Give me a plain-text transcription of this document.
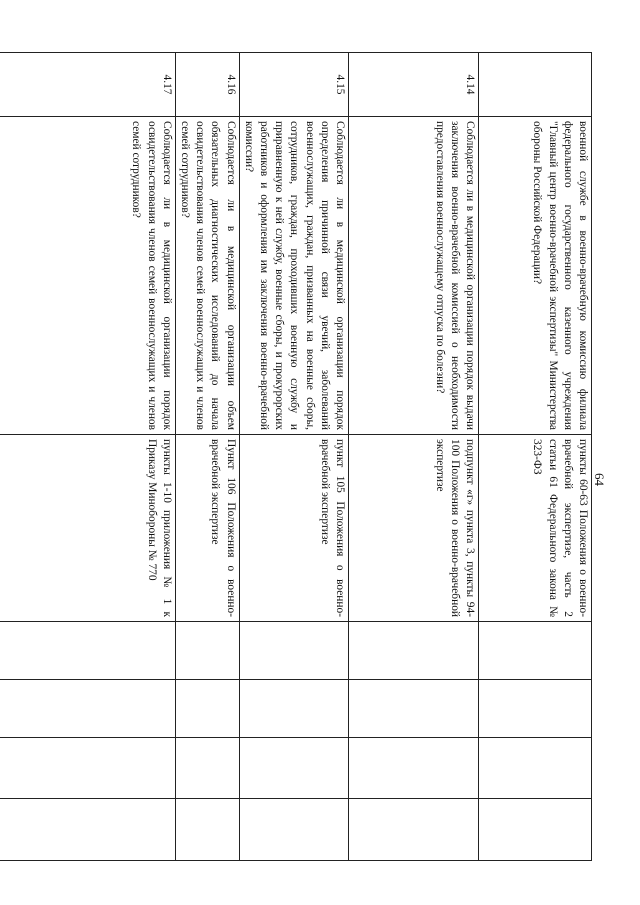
64
	военной службе в военно-врачебную комиссию филиала федерального государственного казенного учреждения "Главный центр военно-врачебной экспертизы" Министерства обороны Российской Федерации?	пункты 60-63 Положения о военно-врачебной экспертизе, часть 2 статьи 61 Федерального закона № 323-ФЗ				
4.14	Соблюдается ли в медицинской организации порядок выдачи заключения военно-врачебной комиссией о необходимости предоставления военнослужащему отпуска по болезни?	подпункт «г» пункта 3, пункты 94-100 Положения о военно-врачебной экспертизе				
4.15	Соблюдается ли в медицинской организации порядок определения причинной связи увечий, заболеваний военнослужащих, граждан, призванных на военные сборы, сотрудников, граждан, проходивших военную службу и приравненную к ней службу, военные сборы, и прокурорских работников и оформления им заключения военно-врачебной комиссии?	пункт 105 Положения о военно-врачебной экспертизе				
4.16	Соблюдается ли в медицинской организации объем обязательных диагностических исследований до начала освидетельствования членов семей военнослужащих и членов семей сотрудников?	Пункт 106 Положения о военно-врачебной экспертизе				
4.17	Соблюдается ли в медицинской организации порядок освидетельствования членов семей военнослужащих и членов семей сотрудников?	пункты 1-10 приложения № 1 к Приказу Минобороны № 770				
